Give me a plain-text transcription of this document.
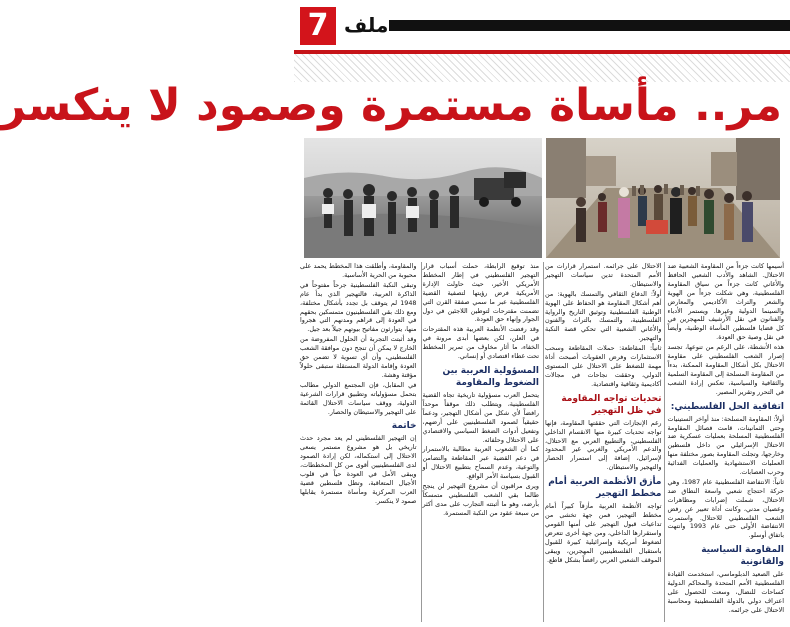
7 ملف
مر.. مأساة مستمرة وصمود لا ينكسر

أسيمها كانت جزءاً من المقاومة الشعبية ضد الاحتلال. الشاهد والأدب الشعبي الحافظ والأغاني كانت جزءاً من سياق المقاومة الفلسطينية، وهي شكلت جزءاً من الهوية والشعر والتراث الأكاديمي والمعارض والسينما الدولية وغيرها. ويستمر الأدباء والفنانون في نقل الأرشيف للمهجرين في كل قضايا فلسطين المأساة الوطنية، وأيضاً في نقل وصية حق العودة.

هذه الأنشطة، على الرغم من تنوعها، تجسد إصرار الشعب الفلسطيني على مقاومة الاحتلال بكل أشكال المقاومة الممكنة، بدءاً من المقاومة المسلحة إلى المقاومة السلمية والثقافية والسياسية، تعكس إرادة الشعب في التحرر وتقرير المصير.

اتفاقية الحل الفلسطيني:

أولاً: المقاومة المسلحة: منذ أواخر الستينيات وحتى الثمانينات، قامت فصائل المقاومة الفلسطينية المسلحة بعمليات عسكرية ضد الاحتلال الإسرائيلي من داخل فلسطين وخارجها، وتجلت المقاومة بصور مختلفة منها العمليات الاستشهادية والعمليات الفدائية وحرب العصابات.

ثانياً: الانتفاضة الفلسطينية عام 1987، وهي حركة احتجاج شعبي واسعة النطاق ضد الاحتلال، شملت إضرابات ومظاهرات وعصيان مدني، وكانت أداة تعبير عن رفض الشعب الفلسطيني للاحتلال. واستمرت الانتفاضة الأولى حتى عام 1993 وانتهت باتفاق أوسلو.

المقاومة السياسية والقانونية

على الصعيد الدبلوماسي، استخدمت القيادة الفلسطينية الأمم المتحدة والمحاكم الدولية كساحات للنضال، وسعت للحصول على اعتراف دولي بالدولة الفلسطينية ومحاسبة الاحتلال على جرائمه.

الاحتلال على جرائمه. استمرار قرارات من الأمم المتحدة تدين سياسات التهجير والاستيطان.

أولاً: الدفاع الثقافي والتمسك بالهوية: من أهم أشكال المقاومة هو الحفاظ على الهوية الوطنية الفلسطينية وتوثيق التاريخ والرواية الفلسطينية، والتمسك بالتراث والفنون والأغاني الشعبية التي تحكي قصة النكبة والتهجير.

ثانياً: المقاطعة: حملات المقاطعة وسحب الاستثمارات وفرض العقوبات أصبحت أداة مهمة للضغط على الاحتلال على المستوى الدولي، وحققت نجاحات في مجالات أكاديمية وثقافية واقتصادية.

تحديات تواجه المقاومة في ظل التهجير

رغم الإنجازات التي حققتها المقاومة، فإنها تواجه تحديات كبيرة منها الانقسام الداخلي الفلسطيني، والتطبيع العربي مع الاحتلال، والدعم الأمريكي والغربي غير المحدود لإسرائيل، إضافة إلى استمرار الحصار والتهجير والاستيطان.

مأزق الأنظمة العربية أمام مخطط التهجير

تواجه الأنظمة العربية مأزقاً كبيراً أمام مخطط التهجير، فمن جهة تخشى من تداعيات قبول التهجير على أمنها القومي واستقرارها الداخلي، ومن جهة أخرى تتعرض لضغوط أمريكية وإسرائيلية كبيرة للقبول باستقبال الفلسطينيين المهجرين، ويبقى الموقف الشعبي العربي رافضاً بشكل قاطع.

منذ توقيع الرابطة، حملت أسباب قرار التهجير الفلسطيني في إطار المخطط الأمريكي الأخير، حيث حاولت الإدارة الأمريكية فرض رؤيتها لتصفية القضية الفلسطينية عبر ما سمي صفقة القرن التي تضمنت مقترحات لتوطين اللاجئين في دول الجوار وإنهاء حق العودة.

وقد رفضت الأنظمة العربية هذه المقترحات في العلن، لكن بعضها أبدى مرونة في الخفاء، ما أثار مخاوف من تمرير المخطط تحت غطاء اقتصادي أو إنساني.

المسؤولية العربية بين الضغوط والمقاومة

يتحمل العرب مسؤولية تاريخية تجاه القضية الفلسطينية، ويتطلب ذلك موقفاً موحداً رافضاً لأي شكل من أشكال التهجير، ودعماً حقيقياً لصمود الفلسطينيين على أرضهم، وتفعيل أدوات الضغط السياسي والاقتصادي على الاحتلال وحلفائه.

كما أن الشعوب العربية مطالبة بالاستمرار في دعم القضية عبر المقاطعة والتضامن والتوعية، وعدم السماح بتطبيع الاحتلال أو القبول بسياسة الأمر الواقع.

ويرى مراقبون أن مشروع التهجير لن ينجح طالما بقي الشعب الفلسطيني متمسكاً بأرضه، وهو ما أثبتته التجارب على مدى أكثر من سبعة عقود من النكبة المستمرة.

والمقاومة، وأطلقت هذا المخطط يحمد على محبوبة من الحرية الأساسية.

وتبقى النكبة الفلسطينية جرحاً مفتوحاً في الذاكرة العربية، فالتهجير الذي بدأ عام 1948 لم يتوقف بل تجدد بأشكال مختلفة، ومع ذلك بقي الفلسطينيون متمسكين بحقهم في العودة إلى قراهم ومدنهم التي هجروا منها، يتوارثون مفاتيح بيوتهم جيلاً بعد جيل.

وقد أثبتت التجربة أن الحلول المفروضة من الخارج لا يمكن أن تنجح دون موافقة الشعب الفلسطيني، وأن أي تسوية لا تضمن حق العودة وإقامة الدولة المستقلة ستبقى حلولاً مؤقتة وهشة.

في المقابل، فإن المجتمع الدولي مطالب بتحمل مسؤولياته وتطبيق قرارات الشرعية الدولية، ووقف سياسات الاحتلال القائمة على التهجير والاستيطان والحصار.

خاتمة

إن التهجير الفلسطيني لم يعد مجرد حدث تاريخي بل هو مشروع مستمر يسعى الاحتلال إلى استكماله، لكن إرادة الصمود لدى الفلسطينيين أقوى من كل المخططات، ويبقى الأمل في العودة حياً في قلوب الأجيال المتعاقبة، وتظل فلسطين قضية العرب المركزية ومأساة مستمرة يقابلها صمود لا ينكسر.
